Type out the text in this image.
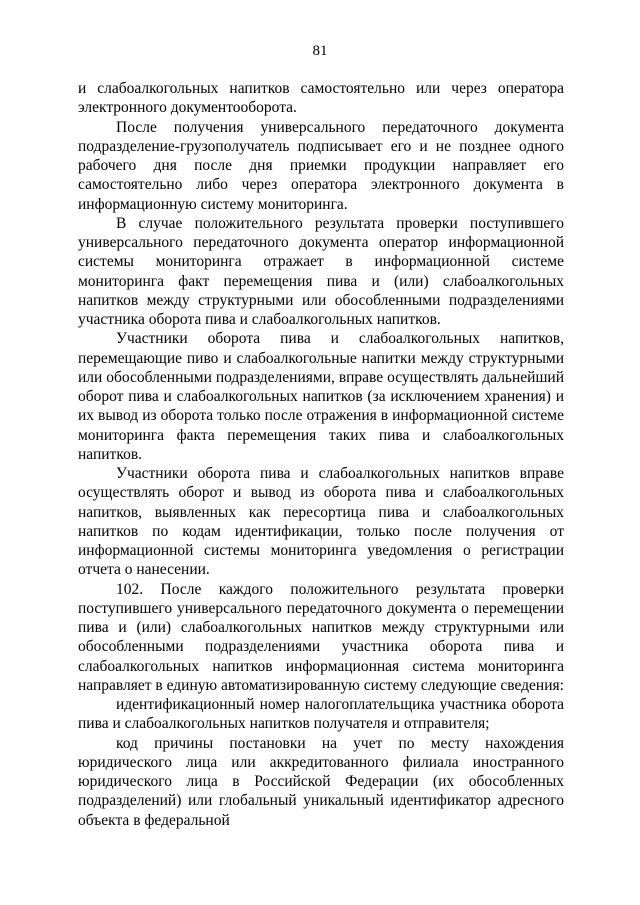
81

и слабоалкогольных напитков самостоятельно или через оператора электронного документооборота.

После получения универсального передаточного документа подразделение-грузополучатель подписывает его и не позднее одного рабочего дня после дня приемки продукции направляет его самостоятельно либо через оператора электронного документа в информационную систему мониторинга.

В случае положительного результата проверки поступившего универсального передаточного документа оператор информационной системы мониторинга отражает в информационной системе мониторинга факт перемещения пива и (или) слабоалкогольных напитков между структурными или обособленными подразделениями участника оборота пива и слабоалкогольных напитков.

Участники оборота пива и слабоалкогольных напитков, перемещающие пиво и слабоалкогольные напитки между структурными или обособленными подразделениями, вправе осуществлять дальнейший оборот пива и слабоалкогольных напитков (за исключением хранения) и их вывод из оборота только после отражения в информационной системе мониторинга факта перемещения таких пива и слабоалкогольных напитков.

Участники оборота пива и слабоалкогольных напитков вправе осуществлять оборот и вывод из оборота пива и слабоалкогольных напитков, выявленных как пересортица пива и слабоалкогольных напитков по кодам идентификации, только после получения от информационной системы мониторинга уведомления о регистрации отчета о нанесении.

102. После каждого положительного результата проверки поступившего универсального передаточного документа о перемещении пива и (или) слабоалкогольных напитков между структурными или обособленными подразделениями участника оборота пива и слабоалкогольных напитков информационная система мониторинга направляет в единую автоматизированную систему следующие сведения:

идентификационный номер налогоплательщика участника оборота пива и слабоалкогольных напитков получателя и отправителя;

код причины постановки на учет по месту нахождения юридического лица или аккредитованного филиала иностранного юридического лица в Российской Федерации (их обособленных подразделений) или глобальный уникальный идентификатор адресного объекта в федеральной
